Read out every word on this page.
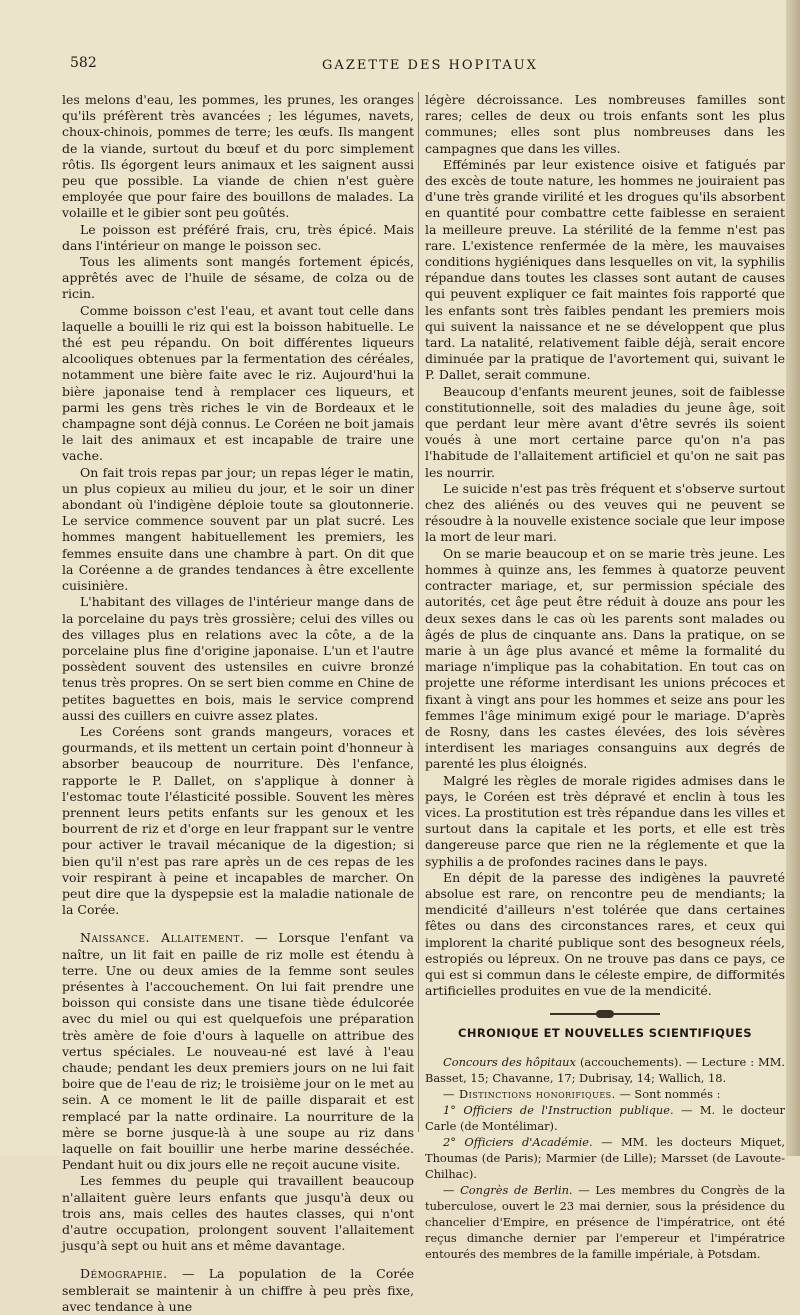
582	GAZETTE DES HOPITAUX

les melons d'eau, les pommes, les prunes, les oranges qu'ils préfèrent très avancées ; les légumes, navets, choux-chinois, pommes de terre; les œufs. Ils mangent de la viande, surtout du bœuf et du porc simplement rôtis. Ils égorgent leurs animaux et les saignent aussi peu que possible. La viande de chien n'est guère employée que pour faire des bouillons de malades. La volaille et le gibier sont peu goûtés.

Le poisson est préféré frais, cru, très épicé. Mais dans l'intérieur on mange le poisson sec.

Tous les aliments sont mangés fortement épicés, apprêtés avec de l'huile de sésame, de colza ou de ricin.

Comme boisson c'est l'eau, et avant tout celle dans laquelle a bouilli le riz qui est la boisson habituelle. Le thé est peu répandu. On boit différentes liqueurs alcooliques obtenues par la fermentation des céréales, notamment une bière faite avec le riz. Aujourd'hui la bière japonaise tend à remplacer ces liqueurs, et parmi les gens très riches le vin de Bordeaux et le champagne sont déjà connus. Le Coréen ne boit jamais le lait des animaux et est incapable de traire une vache.

On fait trois repas par jour; un repas léger le matin, un plus copieux au milieu du jour, et le soir un diner abondant où l'indigène déploie toute sa gloutonnerie. Le service commence souvent par un plat sucré. Les hommes mangent habituellement les premiers, les femmes ensuite dans une chambre à part. On dit que la Coréenne a de grandes tendances à être excellente cuisinière.

L'habitant des villages de l'intérieur mange dans de la porcelaine du pays très grossière; celui des villes ou des villages plus en relations avec la côte, a de la porcelaine plus fine d'origine japonaise. L'un et l'autre possèdent souvent des ustensiles en cuivre bronzé tenus très propres. On se sert bien comme en Chine de petites baguettes en bois, mais le service comprend aussi des cuillers en cuivre assez plates.

Les Coréens sont grands mangeurs, voraces et gourmands, et ils mettent un certain point d'honneur à absorber beaucoup de nourriture. Dès l'enfance, rapporte le P. Dallet, on s'applique à donner à l'estomac toute l'élasticité possible. Souvent les mères prennent leurs petits enfants sur les genoux et les bourrent de riz et d'orge en leur frappant sur le ventre pour activer le travail mécanique de la digestion; si bien qu'il n'est pas rare après un de ces repas de les voir respirant à peine et incapables de marcher. On peut dire que la dyspepsie est la maladie nationale de la Corée.

Naissance. Allaitement. — Lorsque l'enfant va naître, un lit fait en paille de riz molle est étendu à terre. Une ou deux amies de la femme sont seules présentes à l'accouchement. On lui fait prendre une boisson qui consiste dans une tisane tiède édulcorée avec du miel ou qui est quelquefois une préparation très amère de foie d'ours à laquelle on attribue des vertus spéciales. Le nouveau-né est lavé à l'eau chaude; pendant les deux premiers jours on ne lui fait boire que de l'eau de riz; le troisième jour on le met au sein. A ce moment le lit de paille disparait et est remplacé par la natte ordinaire. La nourriture de la mère se borne jusque-là à une soupe au riz dans laquelle on fait bouillir une herbe marine desséchée. Pendant huit ou dix jours elle ne reçoit aucune visite.

Les femmes du peuple qui travaillent beaucoup n'allaitent guère leurs enfants que jusqu'à deux ou trois ans, mais celles des hautes classes, qui n'ont d'autre occupation, prolongent souvent l'allaitement jusqu'à sept ou huit ans et même davantage.

Démographie. — La population de la Corée semblerait se maintenir à un chiffre à peu près fixe, avec tendance à une

légère décroissance. Les nombreuses familles sont rares; celles de deux ou trois enfants sont les plus communes; elles sont plus nombreuses dans les campagnes que dans les villes.

Efféminés par leur existence oisive et fatigués par des excès de toute nature, les hommes ne jouiraient pas d'une très grande virilité et les drogues qu'ils absorbent en quantité pour combattre cette faiblesse en seraient la meilleure preuve. La stérilité de la femme n'est pas rare. L'existence renfermée de la mère, les mauvaises conditions hygiéniques dans lesquelles on vit, la syphilis répandue dans toutes les classes sont autant de causes qui peuvent expliquer ce fait maintes fois rapporté que les enfants sont très faibles pendant les premiers mois qui suivent la naissance et ne se développent que plus tard. La natalité, relativement faible déjà, serait encore diminuée par la pratique de l'avortement qui, suivant le P. Dallet, serait commune.

Beaucoup d'enfants meurent jeunes, soit de faiblesse constitutionnelle, soit des maladies du jeune âge, soit que perdant leur mère avant d'être sevrés ils soient voués à une mort certaine parce qu'on n'a pas l'habitude de l'allaitement artificiel et qu'on ne sait pas les nourrir.

Le suicide n'est pas très fréquent et s'observe surtout chez des aliénés ou des veuves qui ne peuvent se résoudre à la nouvelle existence sociale que leur impose la mort de leur mari.

On se marie beaucoup et on se marie très jeune. Les hommes à quinze ans, les femmes à quatorze peuvent contracter mariage, et, sur permission spéciale des autorités, cet âge peut être réduit à douze ans pour les deux sexes dans le cas où les parents sont malades ou âgés de plus de cinquante ans. Dans la pratique, on se marie à un âge plus avancé et même la formalité du mariage n'implique pas la cohabitation. En tout cas on projette une réforme interdisant les unions précoces et fixant à vingt ans pour les hommes et seize ans pour les femmes l'âge minimum exigé pour le mariage. D'après de Rosny, dans les castes élevées, des lois sévères interdisent les mariages consanguins aux degrés de parenté les plus éloignés.

Malgré les règles de morale rigides admises dans le pays, le Coréen est très dépravé et enclin à tous les vices. La prostitution est très répandue dans les villes et surtout dans la capitale et les ports, et elle est très dangereuse parce que rien ne la réglemente et que la syphilis a de profondes racines dans le pays.

En dépit de la paresse des indigènes la pauvreté absolue est rare, on rencontre peu de mendiants; la mendicité d'ailleurs n'est tolérée que dans certaines fêtes ou dans des circonstances rares, et ceux qui implorent la charité publique sont des besogneux réels, estropiés ou lépreux. On ne trouve pas dans ce pays, ce qui est si commun dans le céleste empire, de difformités artificielles produites en vue de la mendicité.

CHRONIQUE ET NOUVELLES SCIENTIFIQUES

Concours des hôpitaux (accouchements). — Lecture : MM. Basset, 15; Chavanne, 17; Dubrisay, 14; Wallich, 18.

— Distinctions honorifiques. — Sont nommés :

1° Officiers de l'Instruction publique. — M. le docteur Carle (de Montélimar).

2° Officiers d'Académie. — MM. les docteurs Miquet, Thoumas (de Paris); Marmier (de Lille); Marsset (de Lavoute-Chilhac).

— Congrès de Berlin. — Les membres du Congrès de la tuberculose, ouvert le 23 mai dernier, sous la présidence du chancelier d'Empire, en présence de l'impératrice, ont été reçus dimanche dernier par l'empereur et l'impératrice entourés des membres de la famille impériale, à Potsdam.
